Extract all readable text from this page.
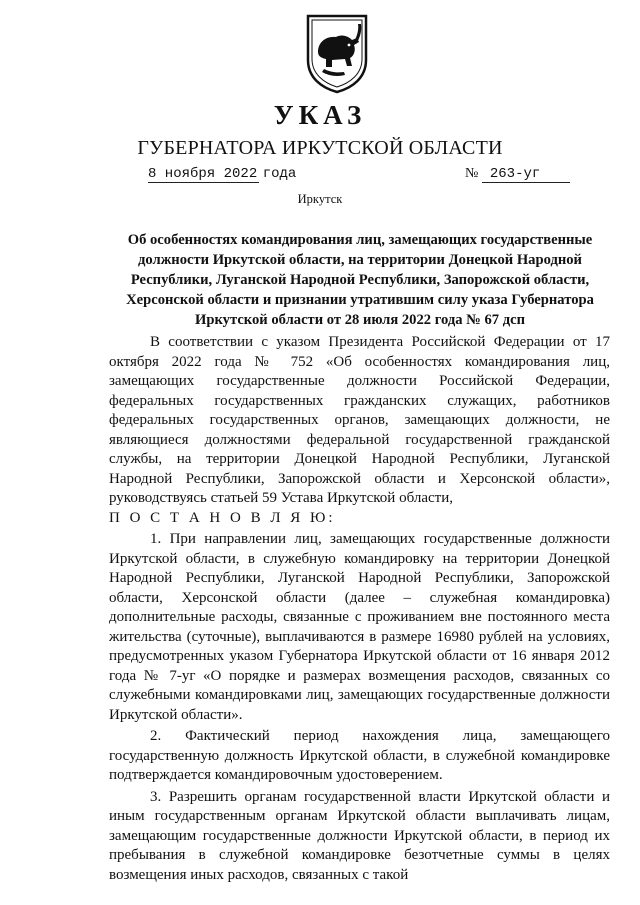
УКАЗ
ГУБЕРНАТОРА ИРКУТСКОЙ ОБЛАСТИ
8 ноября 2022 года	№ 263-уг
Иркутск
Об особенностях командирования лиц, замещающих государственные должности Иркутской области, на территории Донецкой Народной Республики, Луганской Народной Республики, Запорожской области, Херсонской области и признании утратившим силу указа Губернатора Иркутской области от 28 июля 2022 года № 67 дсп

В соответствии с указом Президента Российской Федерации от 17 октября 2022 года № 752 «Об особенностях командирования лиц, замещающих государственные должности Российской Федерации, федеральных государственных гражданских служащих, работников федеральных государственных органов, замещающих должности, не являющиеся должностями федеральной государственной гражданской службы, на территории Донецкой Народной Республики, Луганской Народной Республики, Запорожской области и Херсонской области», руководствуясь статьей 59 Устава Иркутской области,

П О С Т А Н О В Л Я Ю:

1. При направлении лиц, замещающих государственные должности Иркутской области, в служебную командировку на территории Донецкой Народной Республики, Луганской Народной Республики, Запорожской области, Херсонской области (далее – служебная командировка) дополнительные расходы, связанные с проживанием вне постоянного места жительства (суточные), выплачиваются в размере 16980 рублей на условиях, предусмотренных указом Губернатора Иркутской области от 16 января 2012 года № 7-уг «О порядке и размерах возмещения расходов, связанных со служебными командировками лиц, замещающих государственные должности Иркутской области».

2. Фактический период нахождения лица, замещающего государственную должность Иркутской области, в служебной командировке подтверждается командировочным удостоверением.

3. Разрешить органам государственной власти Иркутской области и иным государственным органам Иркутской области выплачивать лицам, замещающим государственные должности Иркутской области, в период их пребывания в служебной командировке безотчетные суммы в целях возмещения иных расходов, связанных с такой
